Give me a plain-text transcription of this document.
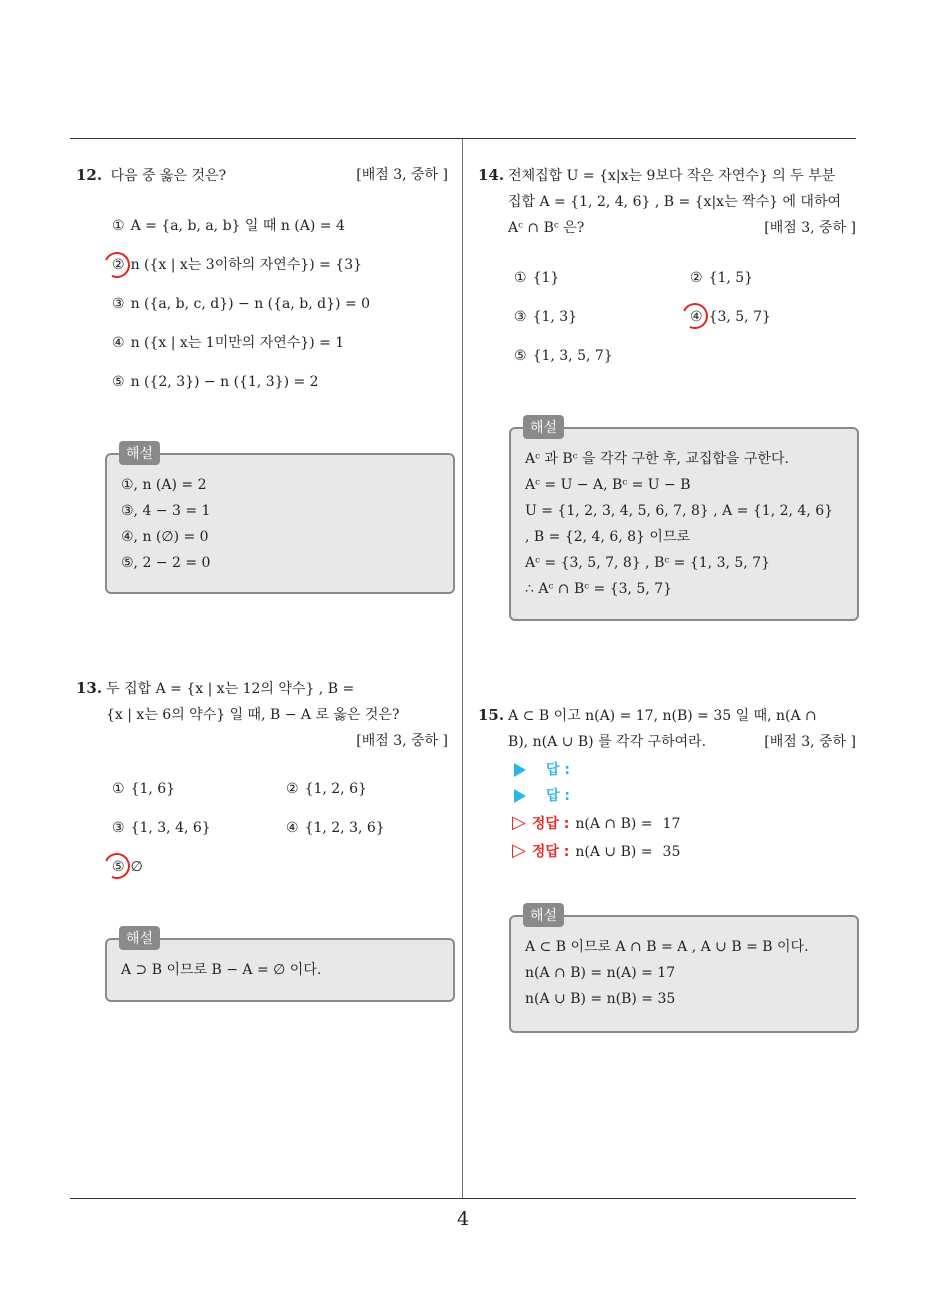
4
12. 다음 중 옳은 것은?	[배점 3, 중하 ]
① A = {a, b, a, b} 일 때 n (A) = 4
② n ({x | x는 3이하의 자연수}) = {3}
③ n ({a, b, c, d}) − n ({a, b, d}) = 0
④ n ({x | x는 1미만의 자연수}) = 1
⑤ n ({2, 3}) − n ({1, 3}) = 2
해설
①, n (A) = 2
③, 4 − 3 = 1
④, n (∅) = 0
⑤, 2 − 2 = 0
13. 두 집합 A = {x | x는 12의 약수} , B =
{x | x는 6의 약수} 일 때, B − A 로 옳은 것은?
[배점 3, 중하 ]
① {1, 6}	② {1, 2, 6}
③ {1, 3, 4, 6}	④ {1, 2, 3, 6}
⑤ ∅
해설
A ⊃ B 이므로 B − A = ∅ 이다.
14. 전체집합 U = {x|x는 9보다 작은 자연수} 의 두 부분
집합 A = {1, 2, 4, 6} , B = {x|x는 짝수} 에 대하여
Aᶜ ∩ Bᶜ 은?	[배점 3, 중하 ]
① {1}	② {1, 5}
③ {1, 3}	④ {3, 5, 7}
⑤ {1, 3, 5, 7}
해설
Aᶜ 과 Bᶜ 을 각각 구한 후, 교집합을 구한다.
Aᶜ = U − A, Bᶜ = U − B
U = {1, 2, 3, 4, 5, 6, 7, 8} , A = {1, 2, 4, 6}
, B = {2, 4, 6, 8} 이므로
Aᶜ = {3, 5, 7, 8} , Bᶜ = {1, 3, 5, 7}
∴ Aᶜ ∩ Bᶜ = {3, 5, 7}
15. A ⊂ B 이고 n(A) = 17, n(B) = 35 일 때, n(A ∩
B), n(A ∪ B) 를 각각 구하여라.	[배점 3, 중하 ]
답 :
답 :
▷ 정답 : n(A ∩ B) = 17
▷ 정답 : n(A ∪ B) = 35
해설
A ⊂ B 이므로 A ∩ B = A , A ∪ B = B 이다.
n(A ∩ B) = n(A) = 17
n(A ∪ B) = n(B) = 35
